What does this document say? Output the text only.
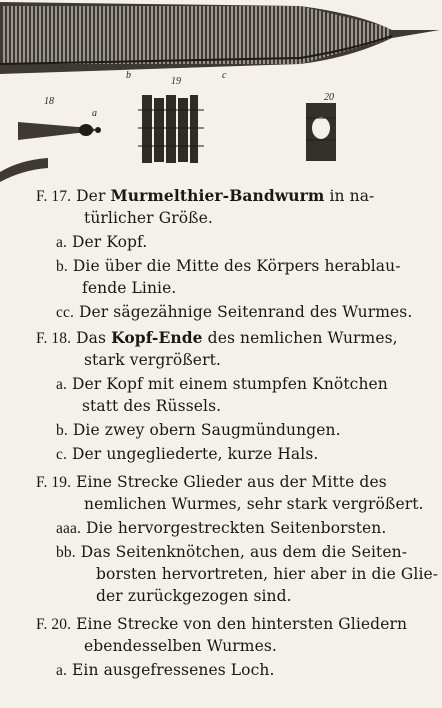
b
19
c
18
a
20
F. 17. Der Murmelthier-Bandwurm in na-
türlicher Größe.
a. Der Kopf.
b. Die über die Mitte des Körpers herablau-
fende Linie.
cc. Der sägezähnige Seitenrand des Wurmes.
F. 18. Das Kopf-Ende des nemlichen Wurmes,
stark vergrößert.
a. Der Kopf mit einem stumpfen Knötchen
statt des Rüssels.
b. Die zwey obern Saugmündungen.
c. Der ungegliederte, kurze Hals.
F. 19. Eine Strecke Glieder aus der Mitte des
nemlichen Wurmes, sehr stark vergrößert.
aaa. Die hervorgestreckten Seitenborsten.
bb. Das Seitenknötchen, aus dem die Seiten-
borsten hervortreten, hier aber in die Glie-
der zurückgezogen sind.
F. 20. Eine Strecke von den hintersten Gliedern
ebendesselben Wurmes.
a. Ein ausgefressenes Loch.
